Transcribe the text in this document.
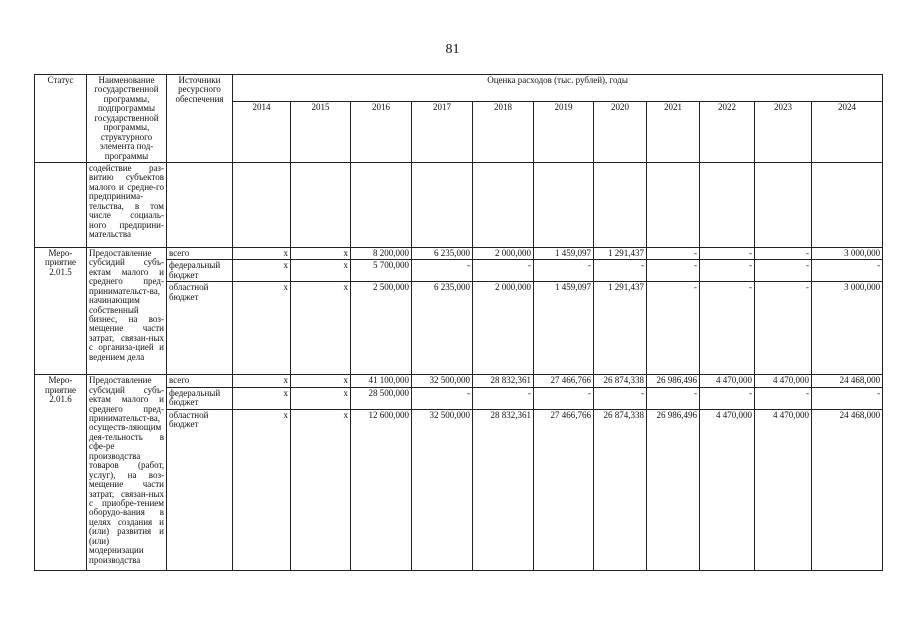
81
Статус	Наименование государственной программы, подпрограммы государственной программы, структурного элемента под-программы	Источники ресурсного обеспечения	Оценка расходов (тыс. рублей), годы										
			2014	2015	2016	2017	2018	2019	2020	2021	2022	2023	2024
	содействие раз-витию субъектов малого и средне-го предпринима-тельства, в том числе социаль-ного предприни-мательства												
Меро-приятие 2.01.5	Предоставление субсидий субъ-ектам малого и среднего пред-принимательст-ва, начинающим собственный бизнес, на воз-мещение части затрат, связан-ных с организа-цией и ведением дела	всего	x	x	8 200,000	6 235,000	2 000,000	1 459,097	1 291,437	-	-	-	3 000,000
		федеральный бюджет	x	x	5 700,000	-	-	-	-	-	-	-	-
		областной бюджет	x	x	2 500,000	6 235,000	2 000,000	1 459,097	1 291,437	-	-	-	3 000,000
Меро-приятие 2.01.6	Предоставление субсидий субъ-ектам малого и среднего пред-принимательст-ва, осуществ-ляющим дея-тельность в сфе-ре производства товаров (работ, услуг), на воз-мещение части затрат, связан-ных с приобре-тением оборудо-вания в целях создания и (или) развития и (или) модернизации производства	всего	x	x	41 100,000	32 500,000	28 832,361	27 466,766	26 874,338	26 986,496	4 470,000	4 470,000	24 468,000
		федеральный бюджет	x	x	28 500,000	-	-	-	-	-	-	-	-
		областной бюджет	x	x	12 600,000	32 500,000	28 832,361	27 466,766	26 874,338	26 986,496	4 470,000	4 470,000	24 468,000
